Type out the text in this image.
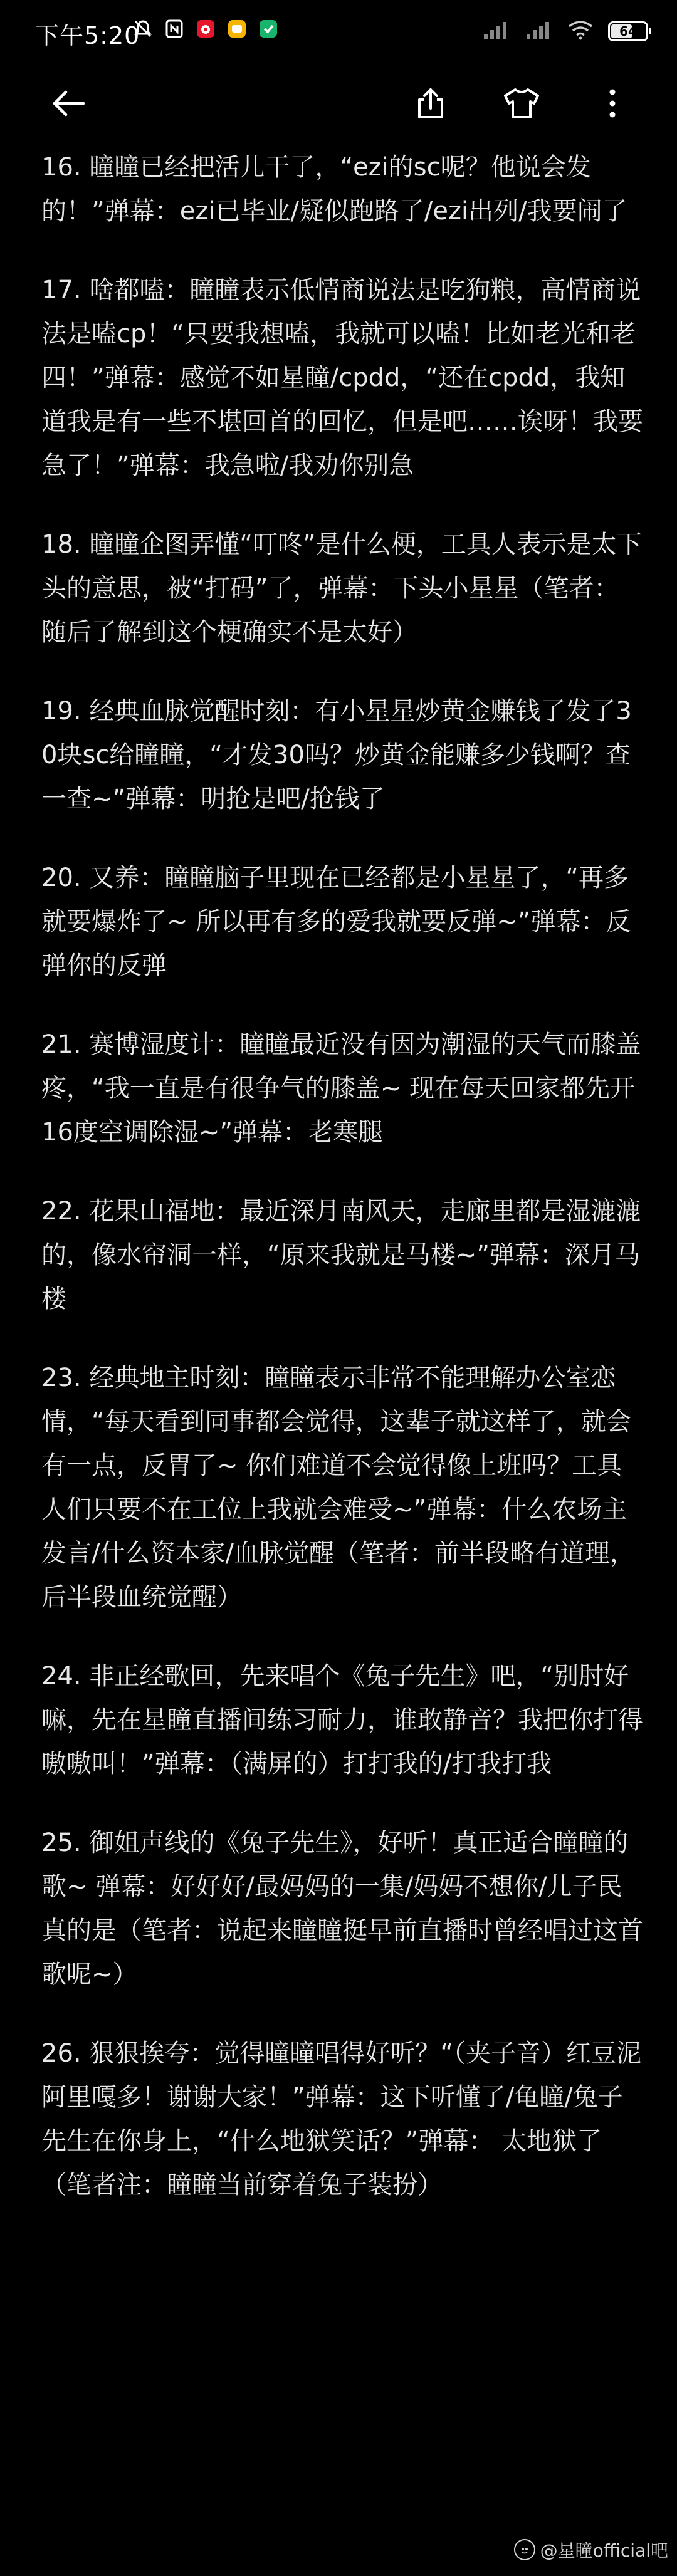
下午5:20	64

16. 瞳瞳已经把活儿干了，“ezi的sc呢？他说会发的！”弹幕：ezi已毕业/疑似跑路了/ezi出列/我要闹了

17. 啥都嗑：瞳瞳表示低情商说法是吃狗粮，高情商说法是嗑cp！“只要我想嗑，我就可以嗑！比如老光和老四！”弹幕：感觉不如星瞳/cpdd，“还在cpdd，我知道我是有一些不堪回首的回忆，但是吧……诶呀！我要急了！”弹幕：我急啦/我劝你别急

18. 瞳瞳企图弄懂“叮咚”是什么梗，工具人表示是太下头的意思，被“打码”了，弹幕：下头小星星（笔者：随后了解到这个梗确实不是太好）

19. 经典血脉觉醒时刻：有小星星炒黄金赚钱了发了30块sc给瞳瞳，“才发30吗？炒黄金能赚多少钱啊？查一查~”弹幕：明抢是吧/抢钱了

20. 又养：瞳瞳脑子里现在已经都是小星星了，“再多就要爆炸了~ 所以再有多的爱我就要反弹~”弹幕：反弹你的反弹

21. 赛博湿度计：瞳瞳最近没有因为潮湿的天气而膝盖疼，“我一直是有很争气的膝盖~ 现在每天回家都先开16度空调除湿~”弹幕：老寒腿

22. 花果山福地：最近深月南风天，走廊里都是湿漉漉的，像水帘洞一样，“原来我就是马楼~”弹幕：深月马楼

23. 经典地主时刻：瞳瞳表示非常不能理解办公室恋情，“每天看到同事都会觉得，这辈子就这样了，就会有一点，反胃了~ 你们难道不会觉得像上班吗？工具人们只要不在工位上我就会难受~”弹幕：什么农场主发言/什么资本家/血脉觉醒（笔者：前半段略有道理，后半段血统觉醒）

24. 非正经歌回，先来唱个《兔子先生》吧，“别肘好嘛，先在星瞳直播间练习耐力，谁敢静音？我把你打得嗷嗷叫！”弹幕：（满屏的）打打我的/打我打我

25. 御姐声线的《兔子先生》，好听！真正适合瞳瞳的歌~ 弹幕：好好好/最妈妈的一集/妈妈不想你/儿子民真的是（笔者：说起来瞳瞳挺早前直播时曾经唱过这首歌呢~）

26. 狠狠挨夸：觉得瞳瞳唱得好听？“（夹子音）红豆泥阿里嘎多！谢谢大家！”弹幕：这下听懂了/龟瞳/兔子先生在你身上，“什么地狱笑话？”弹幕： 太地狱了（笔者注：瞳瞳当前穿着兔子装扮）

@星瞳official吧
